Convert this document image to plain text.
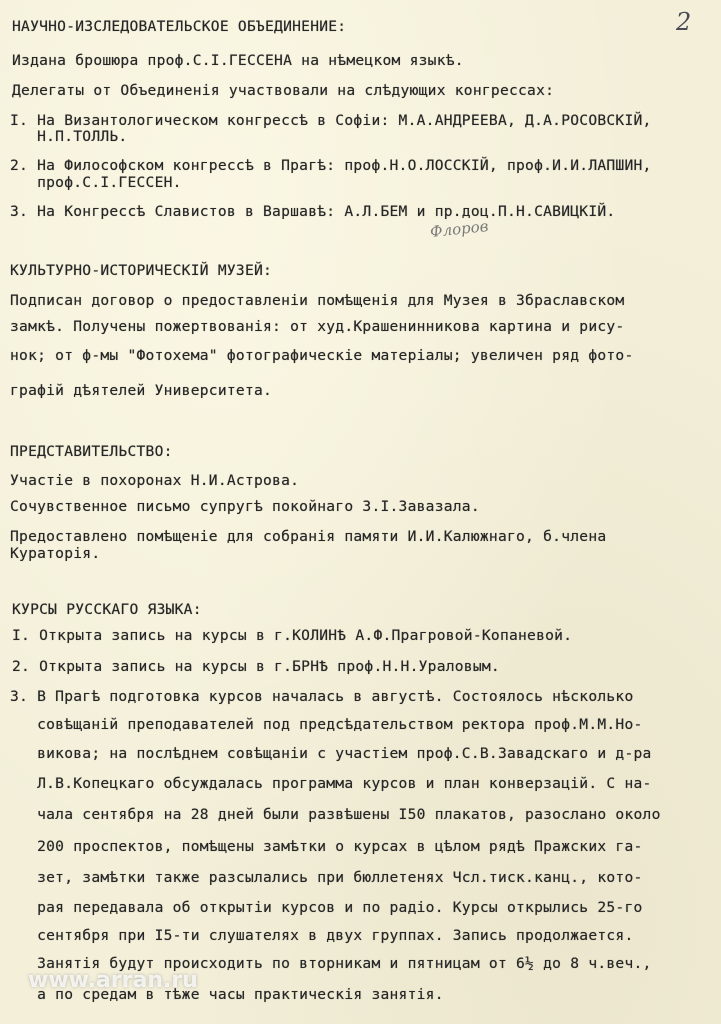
2
НАУЧНО-ИЗСЛЕДОВАТЕЛЬСКОЕ ОБЪЕДИНЕНИЕ:
Издана брошюра проф.С.I.ГЕССЕНА на нѣмецком языкѣ.
Делегаты от Объединенія участвовали на слѣдующих конгрессах:
I. На Византологическом конгрессѣ в Софіи: М.А.АНДРЕЕВА, Д.А.РОСОВСКIЙ,
Н.П.ТОЛЛЬ.
2. На Философском конгрессѣ в Прагѣ: проф.Н.О.ЛОССКIЙ, проф.И.И.ЛАПШИН,
проф.С.I.ГЕССЕН.
3. На Конгрессѣ Славистов в Варшавѣ: А.Л.БЕМ и пр.доц.П.Н.САВИЦКIЙ.
Флоров
КУЛЬТУРНО-ИСТОРИЧЕСКIЙ МУЗЕЙ:
Подписан договор о предоставленіи помѣщенія для Музея в Збраславском
замкѣ. Получены пожертвованія: от худ.Крашенинникова картина и рису-
нок; от ф-мы "Фотохема" фотографическіе матеріалы; увеличен ряд фото-
графій дѣятелей Университета.
ПРЕДСТАВИТЕЛЬСТВО:
Участіе в похоронах Н.И.Астрова.
Сочувственное письмо супругѣ покойнаго З.I.Завазала.
Предоставлено помѣщеніе для собранія памяти И.И.Калюжнаго, б.члена
Кураторія.
КУРСЫ РУССКАГО ЯЗЫКА:
I. Открыта запись на курсы в г.КОЛИНѢ А.Ф.Прагровой-Копаневой.
2. Открыта запись на курсы в г.БРНѢ проф.Н.Н.Ураловым.
3. В Прагѣ подготовка курсов началась в августѣ. Состоялось нѣсколько
совѣщаній преподавателей под предсѣдательством ректора проф.М.М.Но-
викова; на послѣднем совѣщаніи с участіем проф.С.В.Завадскаго и д-ра
Л.В.Копецкаго обсуждалась программа курсов и план конверзацій. С на-
чала сентября на 28 дней были развѣшены I50 плакатов, разослано около
200 проспектов, помѣщены замѣтки о курсах в цѣлом рядѣ Пражских га-
зет, замѣтки также разсылались при бюллетенях Чсл.тиск.канц., кото-
рая передавала об открытіи курсов и по радіо. Курсы открылись 25-го
сентября при I5-ти слушателях в двух группах. Запись продолжается.
Занятія будут происходить по вторникам и пятницам от 6½ до 8 ч.веч.,
а по средам в тѣже часы практическія занятія.
www.arran.ru
